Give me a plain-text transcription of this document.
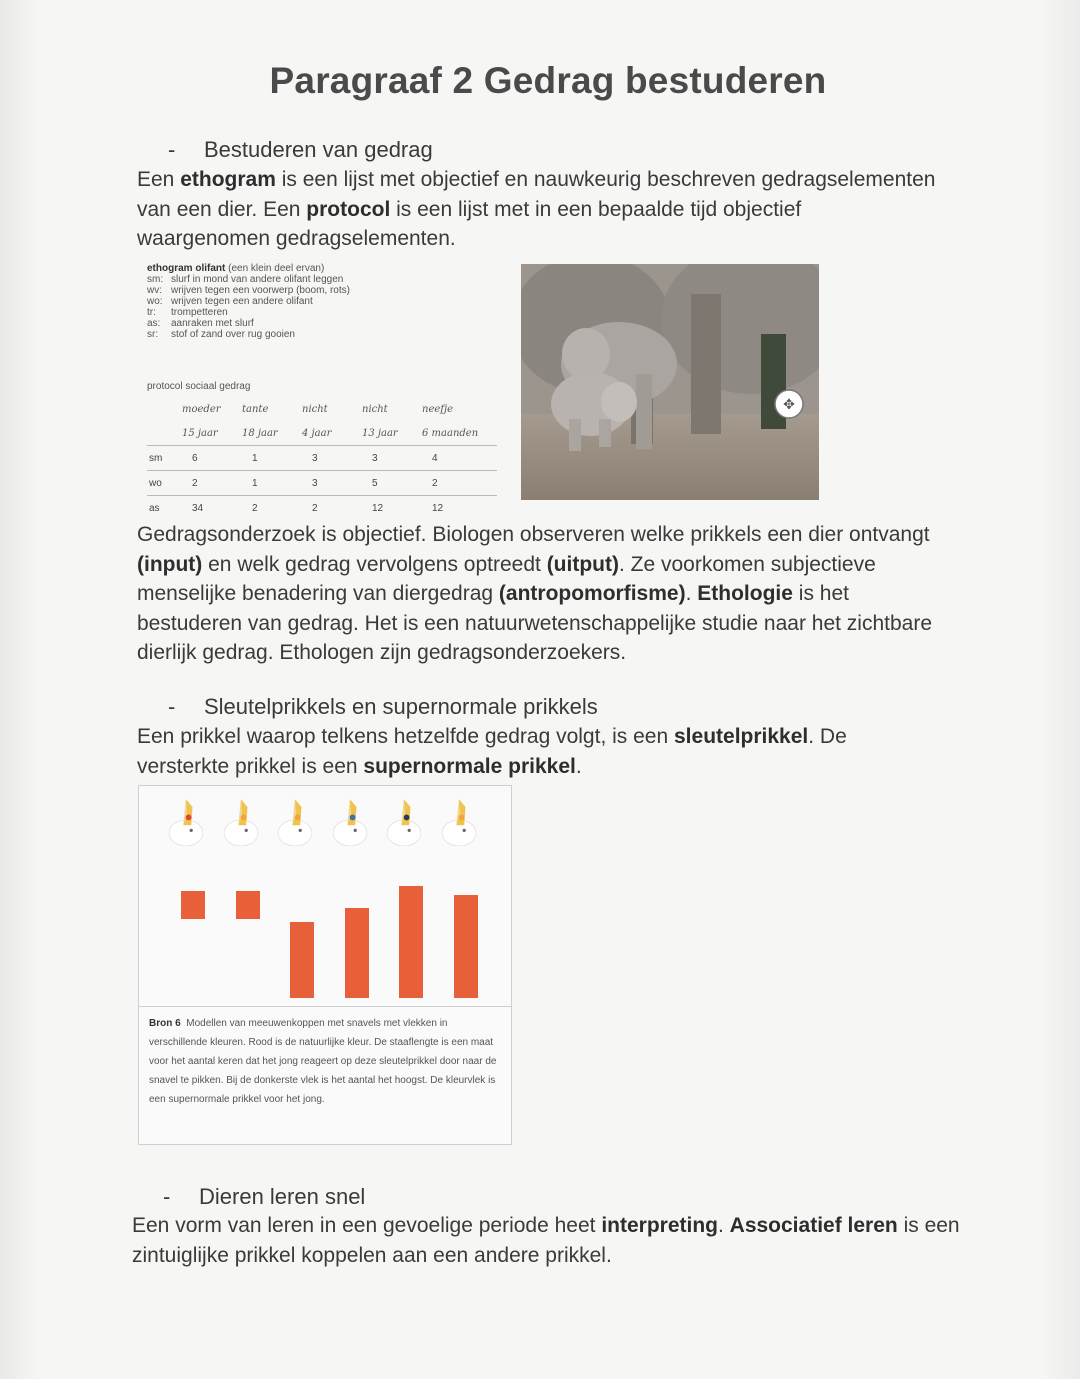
Paragraaf 2 Gedrag bestuderen
- Bestuderen van gedrag
Een ethogram is een lijst met objectief en nauwkeurig beschreven gedragselementen van een dier. Een protocol is een lijst met in een bepaalde tijd objectief waargenomen gedragselementen.
ethogram olifant (een klein deel ervan)
sm: slurf in mond van andere olifant leggen
wv: wrijven tegen een voorwerp (boom, rots)
wo: wrijven tegen een andere olifant
tr: trompetteren
as: aanraken met slurf
sr: stof of zand over rug gooien
protocol sociaal gedrag
	moeder	tante	nicht	nicht	neefje
	15 jaar	18 jaar	4 jaar	13 jaar	6 maanden
sm	6	1	3	3	4
wo	2	1	3	5	2
as	34	2	2	12	12
✥
Gedragsonderzoek is objectief. Biologen observeren welke prikkels een dier ontvangt (input) en welk gedrag vervolgens optreedt (uitput). Ze voorkomen subjectieve menselijke benadering van diergedrag (antropomorfisme). Ethologie is het bestuderen van gedrag. Het is een natuurwetenschappelijke studie naar het zichtbare dierlijk gedrag. Ethologen zijn gedragsonderzoekers.
- Sleutelprikkels en supernormale prikkels
Een prikkel waarop telkens hetzelfde gedrag volgt, is een sleutelprikkel. De versterkte prikkel is een supernormale prikkel.
Bron 6 Modellen van meeuwenkoppen met snavels met vlekken in verschillende kleuren. Rood is de natuurlijke kleur. De staaflengte is een maat voor het aantal keren dat het jong reageert op deze sleutelprikkel door naar de snavel te pikken. Bij de donkerste vlek is het aantal het hoogst. De kleurvlek is een supernormale prikkel voor het jong.
- Dieren leren snel
Een vorm van leren in een gevoelige periode heet interpreting. Associatief leren is een zintuiglijke prikkel koppelen aan een andere prikkel.
